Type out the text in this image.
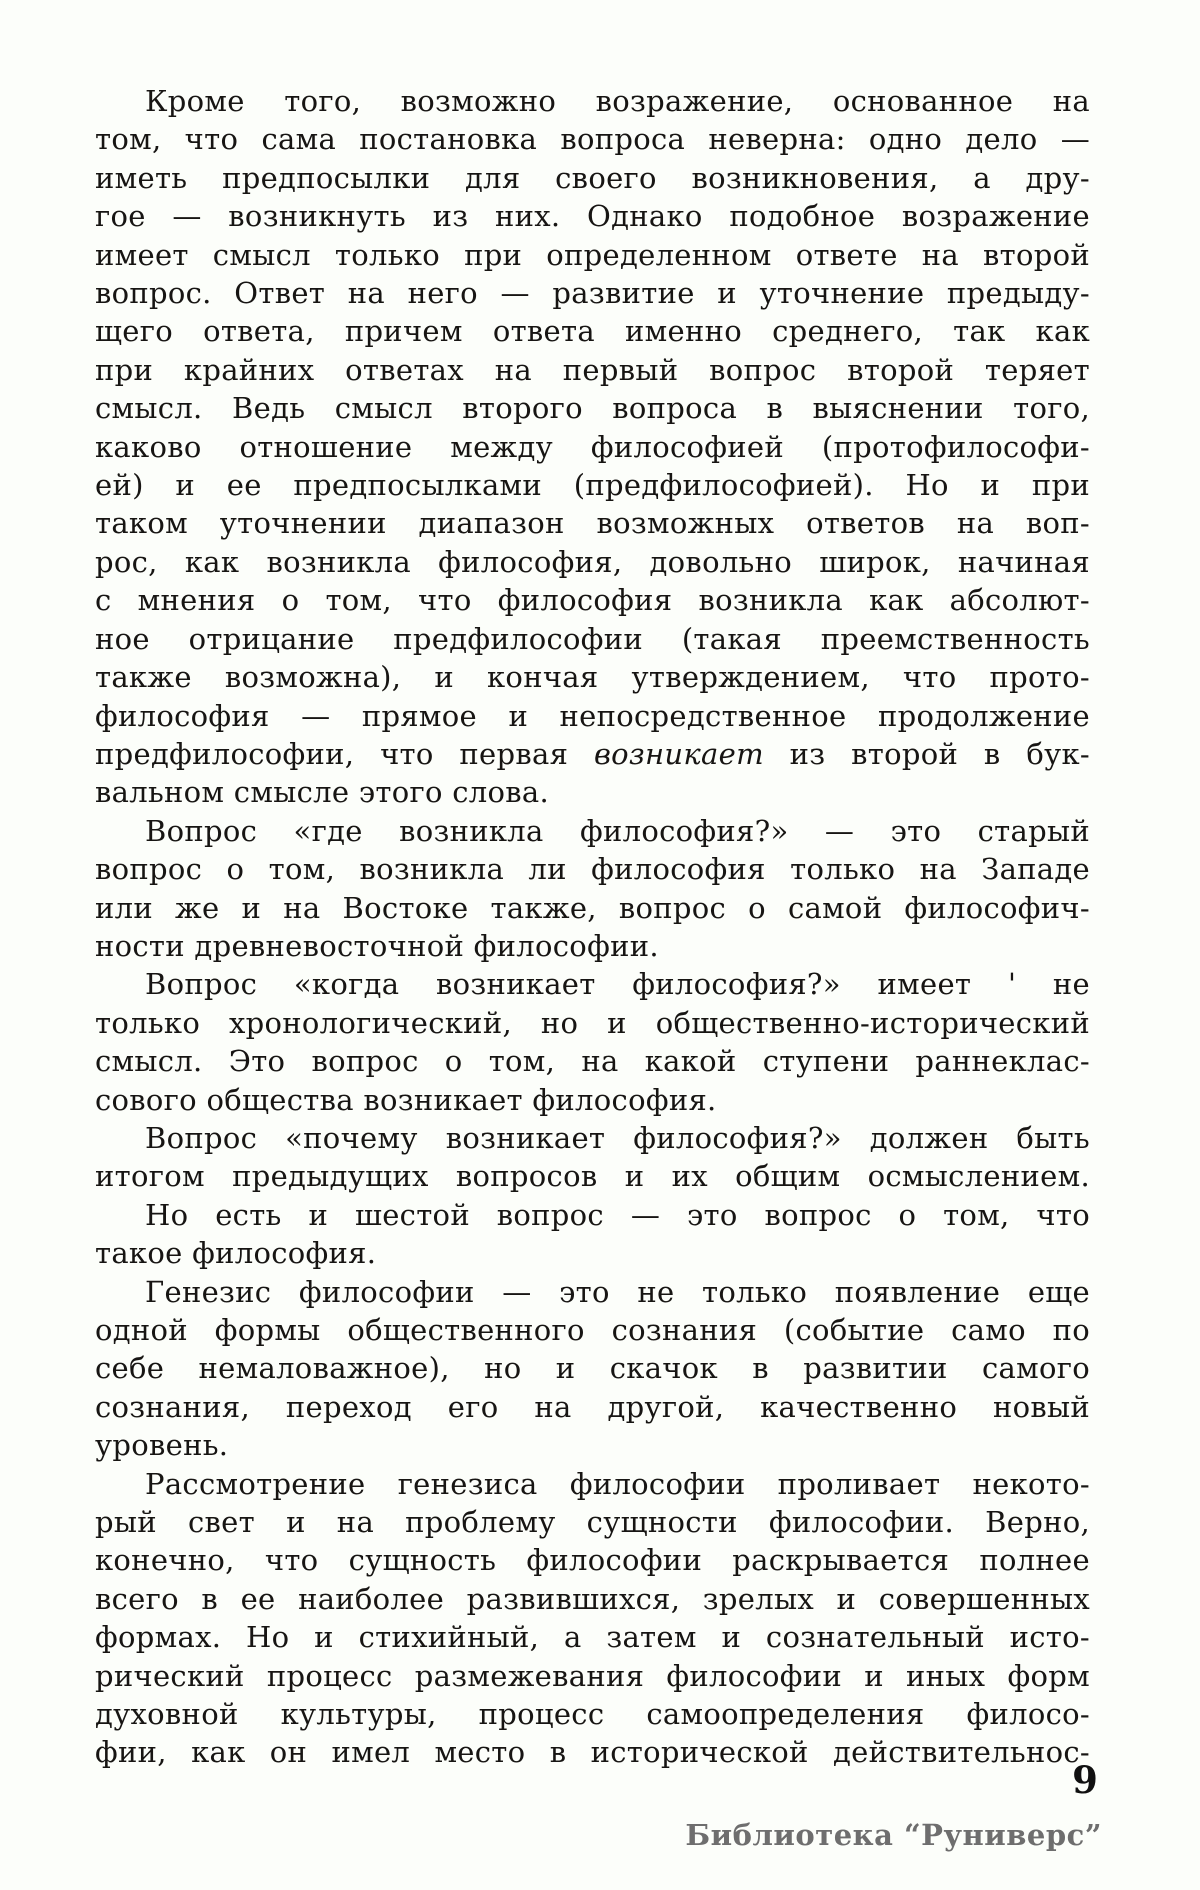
Кроме того, возможно возражение, основанное на
том, что сама постановка вопроса неверна: одно дело —
иметь предпосылки для своего возникновения, а дру-
гое — возникнуть из них. Однако подобное возражение
имеет смысл только при определенном ответе на второй
вопрос. Ответ на него — развитие и уточнение предыду-
щего ответа, причем ответа именно среднего, так как
при крайних ответах на первый вопрос второй теряет
смысл. Ведь смысл второго вопроса в выяснении того,
каково отношение между философией (протофилософи-
ей) и ее предпосылками (предфилософией). Но и при
таком уточнении диапазон возможных ответов на воп-
рос, как возникла философия, довольно широк, начиная
с мнения о том, что философия возникла как абсолют-
ное отрицание предфилософии (такая преемственность
также возможна), и кончая утверждением, что прото-
философия — прямое и непосредственное продолжение
предфилософии, что первая возникает из второй в бук-
вальном смысле этого слова.
Вопрос «где возникла философия?» — это старый
вопрос о том, возникла ли философия только на Западе
или же и на Востоке также, вопрос о самой философич-
ности древневосточной философии.
Вопрос «когда возникает философия?» имеет ' не
только хронологический, но и общественно-исторический
смысл. Это вопрос о том, на какой ступени раннеклас-
сового общества возникает философия.
Вопрос «почему возникает философия?» должен быть
итогом предыдущих вопросов и их общим осмыслением.
Но есть и шестой вопрос — это вопрос о том, что
такое философия.
Генезис философии — это не только появление еще
одной формы общественного сознания (событие само по
себе немаловажное), но и скачок в развитии самого
сознания, переход его на другой, качественно новый
уровень.
Рассмотрение генезиса философии проливает некото-
рый свет и на проблему сущности философии. Верно,
конечно, что сущность философии раскрывается полнее
всего в ее наиболее развившихся, зрелых и совершенных
формах. Но и стихийный, а затем и сознательный исто-
рический процесс размежевания философии и иных форм
духовной культуры, процесс самоопределения филосо-
фии, как он имел место в исторической действительнос-
9
Библиотека “Руниверс”
